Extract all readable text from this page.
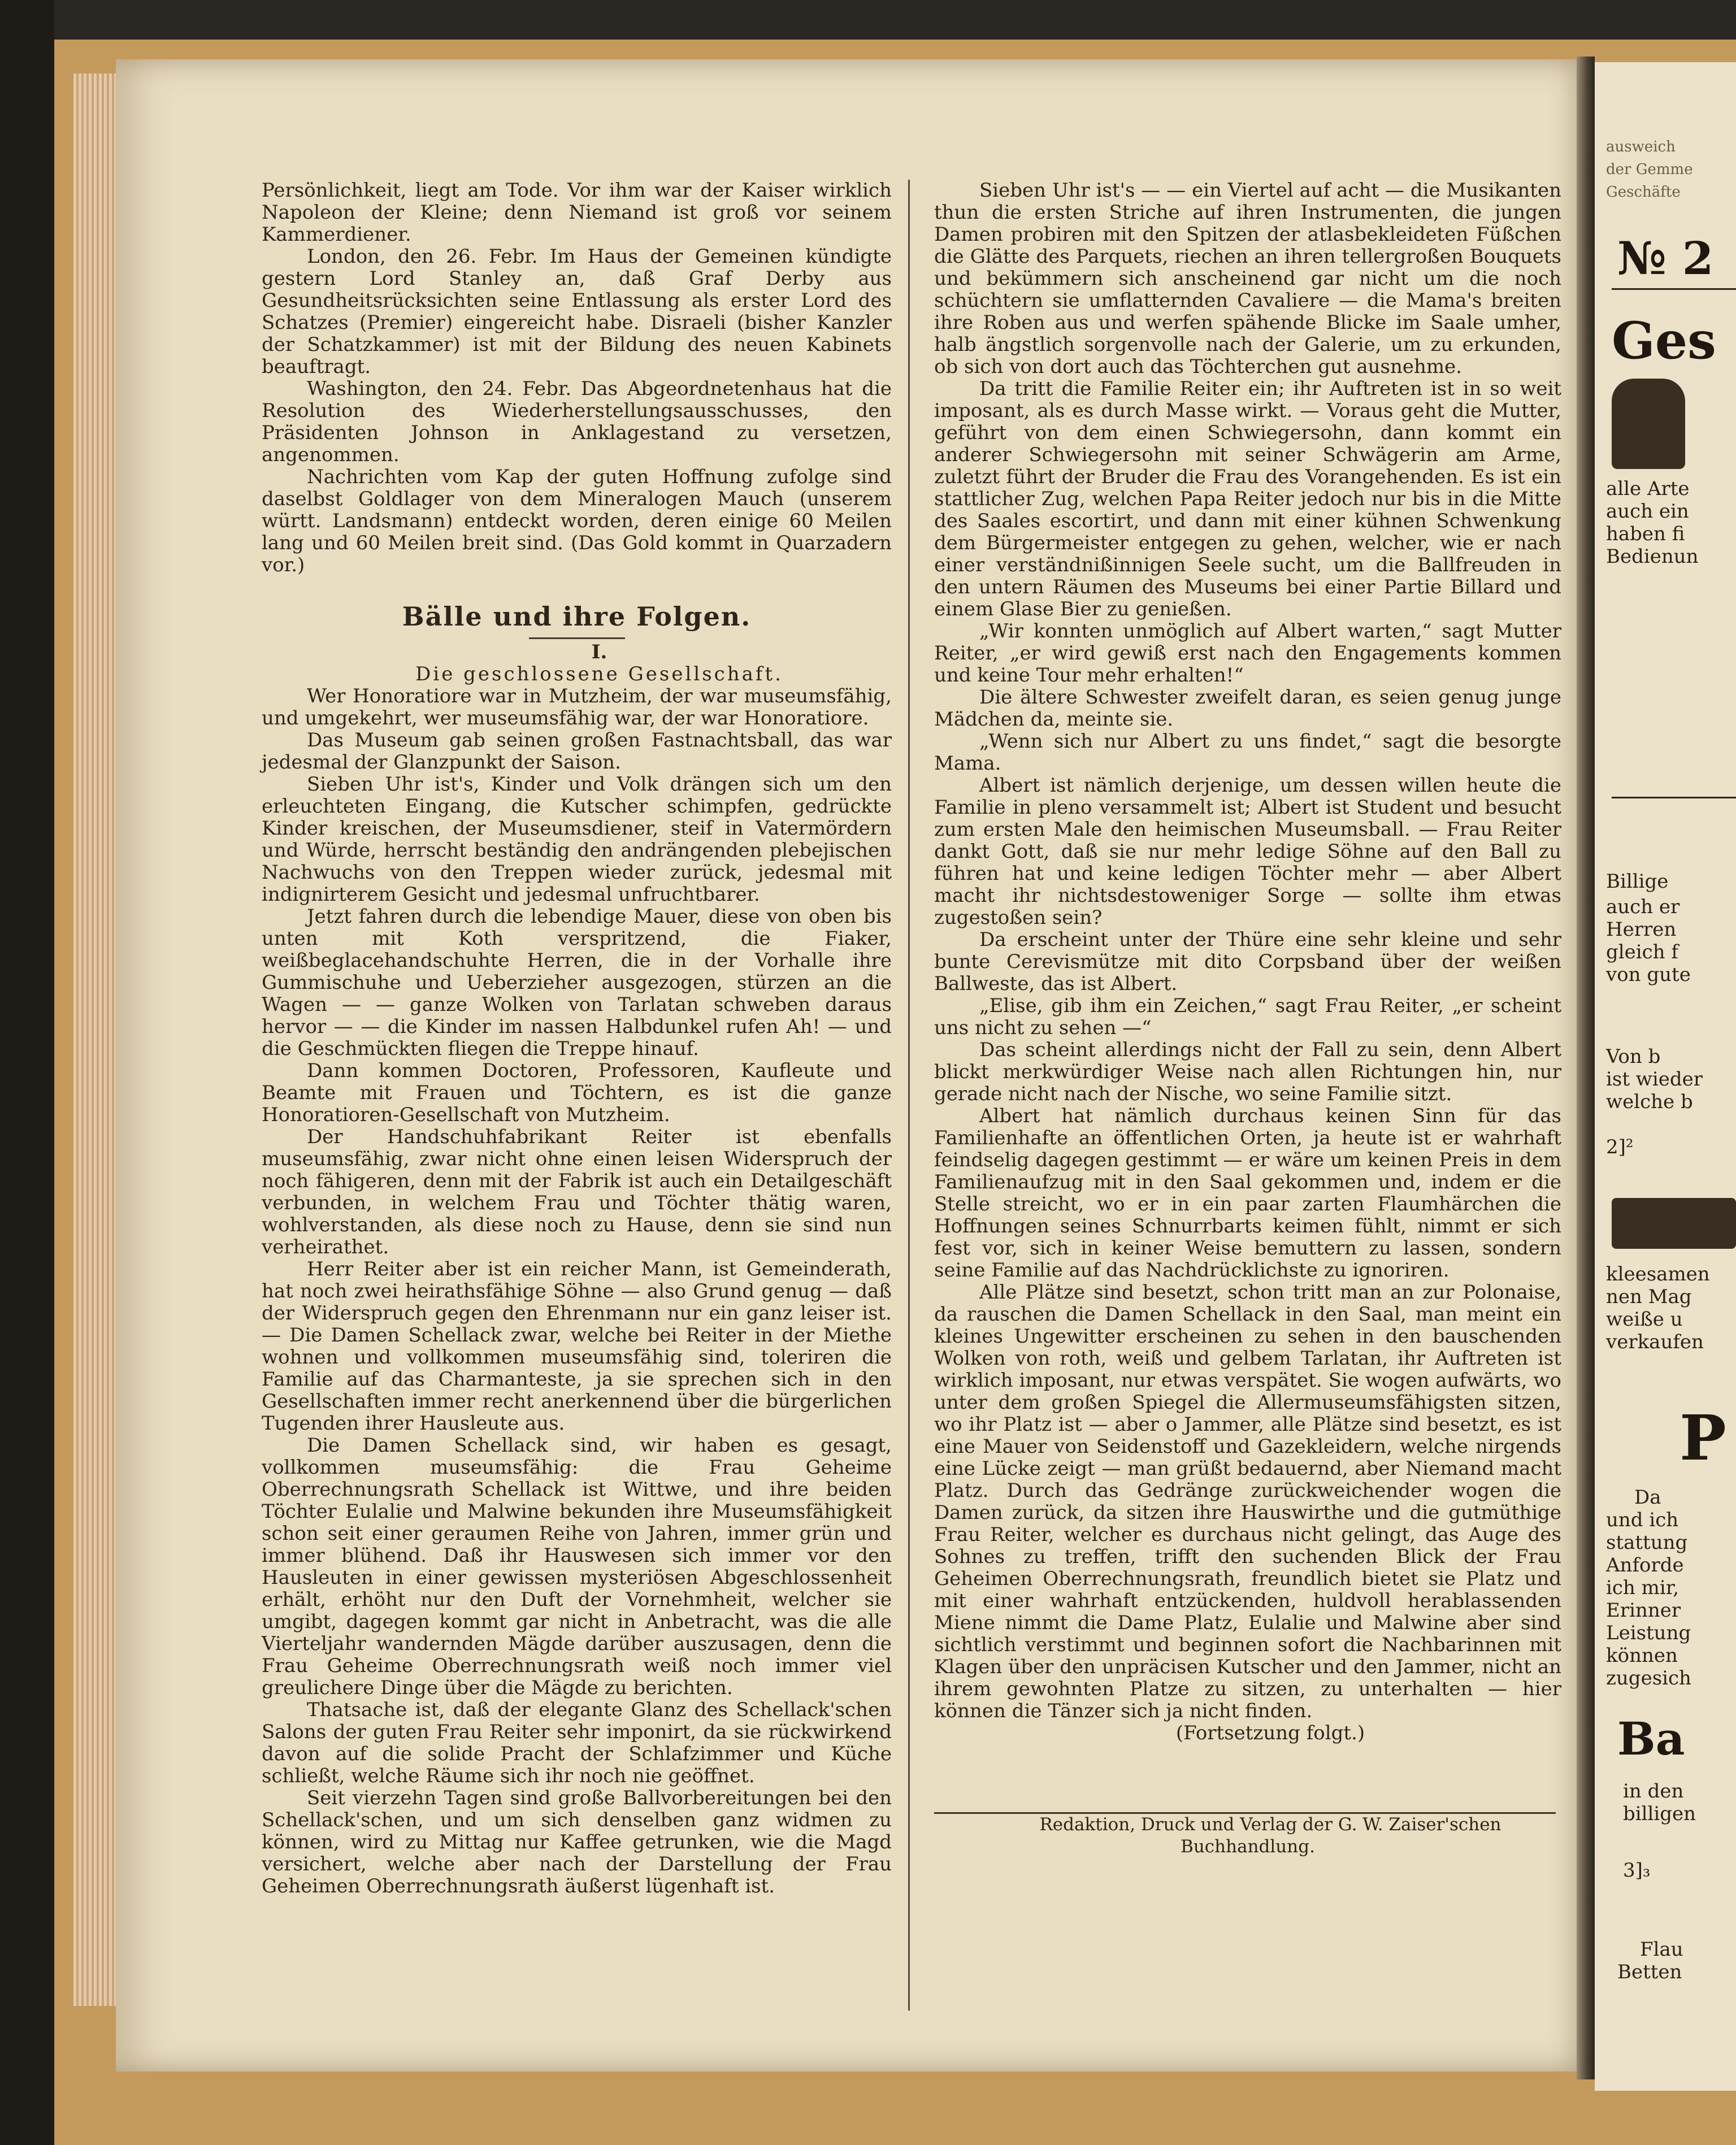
Persönlichkeit, liegt am Tode. Vor ihm war der Kaiser wirklich Napoleon der Kleine; denn Niemand ist groß vor seinem Kammerdiener.

London, den 26. Febr. Im Haus der Gemeinen kündigte gestern Lord Stanley an, daß Graf Derby aus Gesundheitsrücksichten seine Entlassung als erster Lord des Schatzes (Premier) eingereicht habe. Disraeli (bisher Kanzler der Schatzkammer) ist mit der Bildung des neuen Kabinets beauftragt.

Washington, den 24. Febr. Das Abgeordnetenhaus hat die Resolution des Wiederherstellungsausschusses, den Präsidenten Johnson in Anklagestand zu versetzen, angenommen.

Nachrichten vom Kap der guten Hoffnung zufolge sind daselbst Goldlager von dem Mineralogen Mauch (unserem württ. Landsmann) entdeckt worden, deren einige 60 Meilen lang und 60 Meilen breit sind. (Das Gold kommt in Quarzadern vor.)

Bälle und ihre Folgen.

I.

Die geschlossene Gesellschaft.

Wer Honoratiore war in Mutzheim, der war museumsfähig, und umgekehrt, wer museumsfähig war, der war Honoratiore.

Das Museum gab seinen großen Fastnachtsball, das war jedesmal der Glanzpunkt der Saison.

Sieben Uhr ist's, Kinder und Volk drängen sich um den erleuchteten Eingang, die Kutscher schimpfen, gedrückte Kinder kreischen, der Museumsdiener, steif in Vatermördern und Würde, herrscht beständig den andrängenden plebejischen Nachwuchs von den Treppen wieder zurück, jedesmal mit indignirterem Gesicht und jedesmal unfruchtbarer.

Jetzt fahren durch die lebendige Mauer, diese von oben bis unten mit Koth verspritzend, die Fiaker, weißbeglacehandschuhte Herren, die in der Vorhalle ihre Gummischuhe und Ueberzieher ausgezogen, stürzen an die Wagen — — ganze Wolken von Tarlatan schweben daraus hervor — — die Kinder im nassen Halbdunkel rufen Ah! — und die Geschmückten fliegen die Treppe hinauf.

Dann kommen Doctoren, Professoren, Kaufleute und Beamte mit Frauen und Töchtern, es ist die ganze Honoratioren-Gesellschaft von Mutzheim.

Der Handschuhfabrikant Reiter ist ebenfalls museumsfähig, zwar nicht ohne einen leisen Widerspruch der noch fähigeren, denn mit der Fabrik ist auch ein Detailgeschäft verbunden, in welchem Frau und Töchter thätig waren, wohlverstanden, als diese noch zu Hause, denn sie sind nun verheirathet.

Herr Reiter aber ist ein reicher Mann, ist Gemeinderath, hat noch zwei heirathsfähige Söhne — also Grund genug — daß der Widerspruch gegen den Ehrenmann nur ein ganz leiser ist. — Die Damen Schellack zwar, welche bei Reiter in der Miethe wohnen und vollkommen museumsfähig sind, toleriren die Familie auf das Charmanteste, ja sie sprechen sich in den Gesellschaften immer recht anerkennend über die bürgerlichen Tugenden ihrer Hausleute aus.

Die Damen Schellack sind, wir haben es gesagt, vollkommen museumsfähig: die Frau Geheime Oberrechnungsrath Schellack ist Wittwe, und ihre beiden Töchter Eulalie und Malwine bekunden ihre Museumsfähigkeit schon seit einer geraumen Reihe von Jahren, immer grün und immer blühend. Daß ihr Hauswesen sich immer vor den Hausleuten in einer gewissen mysteriösen Abgeschlossenheit erhält, erhöht nur den Duft der Vornehmheit, welcher sie umgibt, dagegen kommt gar nicht in Anbetracht, was die alle Vierteljahr wandernden Mägde darüber auszusagen, denn die Frau Geheime Oberrechnungsrath weiß noch immer viel greulichere Dinge über die Mägde zu berichten.

Thatsache ist, daß der elegante Glanz des Schellack'schen Salons der guten Frau Reiter sehr imponirt, da sie rückwirkend davon auf die solide Pracht der Schlafzimmer und Küche schließt, welche Räume sich ihr noch nie geöffnet.

Seit vierzehn Tagen sind große Ballvorbereitungen bei den Schellack'schen, und um sich denselben ganz widmen zu können, wird zu Mittag nur Kaffee getrunken, wie die Magd versichert, welche aber nach der Darstellung der Frau Geheimen Oberrechnungsrath äußerst lügenhaft ist.

Sieben Uhr ist's — — ein Viertel auf acht — die Musikanten thun die ersten Striche auf ihren Instrumenten, die jungen Damen probiren mit den Spitzen der atlasbekleideten Füßchen die Glätte des Parquets, riechen an ihren tellergroßen Bouquets und bekümmern sich anscheinend gar nicht um die noch schüchtern sie umflatternden Cavaliere — die Mama's breiten ihre Roben aus und werfen spähende Blicke im Saale umher, halb ängstlich sorgenvolle nach der Galerie, um zu erkunden, ob sich von dort auch das Töchterchen gut ausnehme.

Da tritt die Familie Reiter ein; ihr Auftreten ist in so weit imposant, als es durch Masse wirkt. — Voraus geht die Mutter, geführt von dem einen Schwiegersohn, dann kommt ein anderer Schwiegersohn mit seiner Schwägerin am Arme, zuletzt führt der Bruder die Frau des Vorangehenden. Es ist ein stattlicher Zug, welchen Papa Reiter jedoch nur bis in die Mitte des Saales escortirt, und dann mit einer kühnen Schwenkung dem Bürgermeister entgegen zu gehen, welcher, wie er nach einer verständnißinnigen Seele sucht, um die Ballfreuden in den untern Räumen des Museums bei einer Partie Billard und einem Glase Bier zu genießen.

„Wir konnten unmöglich auf Albert warten,“ sagt Mutter Reiter, „er wird gewiß erst nach den Engagements kommen und keine Tour mehr erhalten!“

Die ältere Schwester zweifelt daran, es seien genug junge Mädchen da, meinte sie.

„Wenn sich nur Albert zu uns findet,“ sagt die besorgte Mama.

Albert ist nämlich derjenige, um dessen willen heute die Familie in pleno versammelt ist; Albert ist Student und besucht zum ersten Male den heimischen Museumsball. — Frau Reiter dankt Gott, daß sie nur mehr ledige Söhne auf den Ball zu führen hat und keine ledigen Töchter mehr — aber Albert macht ihr nichtsdestoweniger Sorge — sollte ihm etwas zugestoßen sein?

Da erscheint unter der Thüre eine sehr kleine und sehr bunte Cerevismütze mit dito Corpsband über der weißen Ballweste, das ist Albert.

„Elise, gib ihm ein Zeichen,“ sagt Frau Reiter, „er scheint uns nicht zu sehen —“

Das scheint allerdings nicht der Fall zu sein, denn Albert blickt merkwürdiger Weise nach allen Richtungen hin, nur gerade nicht nach der Nische, wo seine Familie sitzt.

Albert hat nämlich durchaus keinen Sinn für das Familienhafte an öffentlichen Orten, ja heute ist er wahrhaft feindselig dagegen gestimmt — er wäre um keinen Preis in dem Familienaufzug mit in den Saal gekommen und, indem er die Stelle streicht, wo er in ein paar zarten Flaumhärchen die Hoffnungen seines Schnurrbarts keimen fühlt, nimmt er sich fest vor, sich in keiner Weise bemuttern zu lassen, sondern seine Familie auf das Nachdrücklichste zu ignoriren.

Alle Plätze sind besetzt, schon tritt man an zur Polonaise, da rauschen die Damen Schellack in den Saal, man meint ein kleines Ungewitter erscheinen zu sehen in den bauschenden Wolken von roth, weiß und gelbem Tarlatan, ihr Auftreten ist wirklich imposant, nur etwas verspätet. Sie wogen aufwärts, wo unter dem großen Spiegel die Allermuseumsfähigsten sitzen, wo ihr Platz ist — aber o Jammer, alle Plätze sind besetzt, es ist eine Mauer von Seidenstoff und Gazekleidern, welche nirgends eine Lücke zeigt — man grüßt bedauernd, aber Niemand macht Platz. Durch das Gedränge zurückweichender wogen die Damen zurück, da sitzen ihre Hauswirthe und die gutmüthige Frau Reiter, welcher es durchaus nicht gelingt, das Auge des Sohnes zu treffen, trifft den suchenden Blick der Frau Geheimen Oberrechnungsrath, freundlich bietet sie Platz und mit einer wahrhaft entzückenden, huldvoll herablassenden Miene nimmt die Dame Platz, Eulalie und Malwine aber sind sichtlich verstimmt und beginnen sofort die Nachbarinnen mit Klagen über den unpräcisen Kutscher und den Jammer, nicht an ihrem gewohnten Platze zu sitzen, zu unterhalten — hier können die Tänzer sich ja nicht finden.

(Fortsetzung folgt.)

Redaktion, Druck und Verlag der G. W. Zaiser'schen Buchhandlung.

ausweich
der Gemme
Geschäfte
№ 2
Ges
alle Arte
auch ein
haben fi
Bedienun
Billige
auch er
Herren
gleich f
von gute
Von b
ist wieder
welche b
2]²
kleesamen
nen Mag
weiße u
verkaufen
P
Da
und ich
stattung
Anforde
ich mir,
Erinner
Leistung
können
zugesich
Ba
in den
billigen
3]₃
Flau
Betten
